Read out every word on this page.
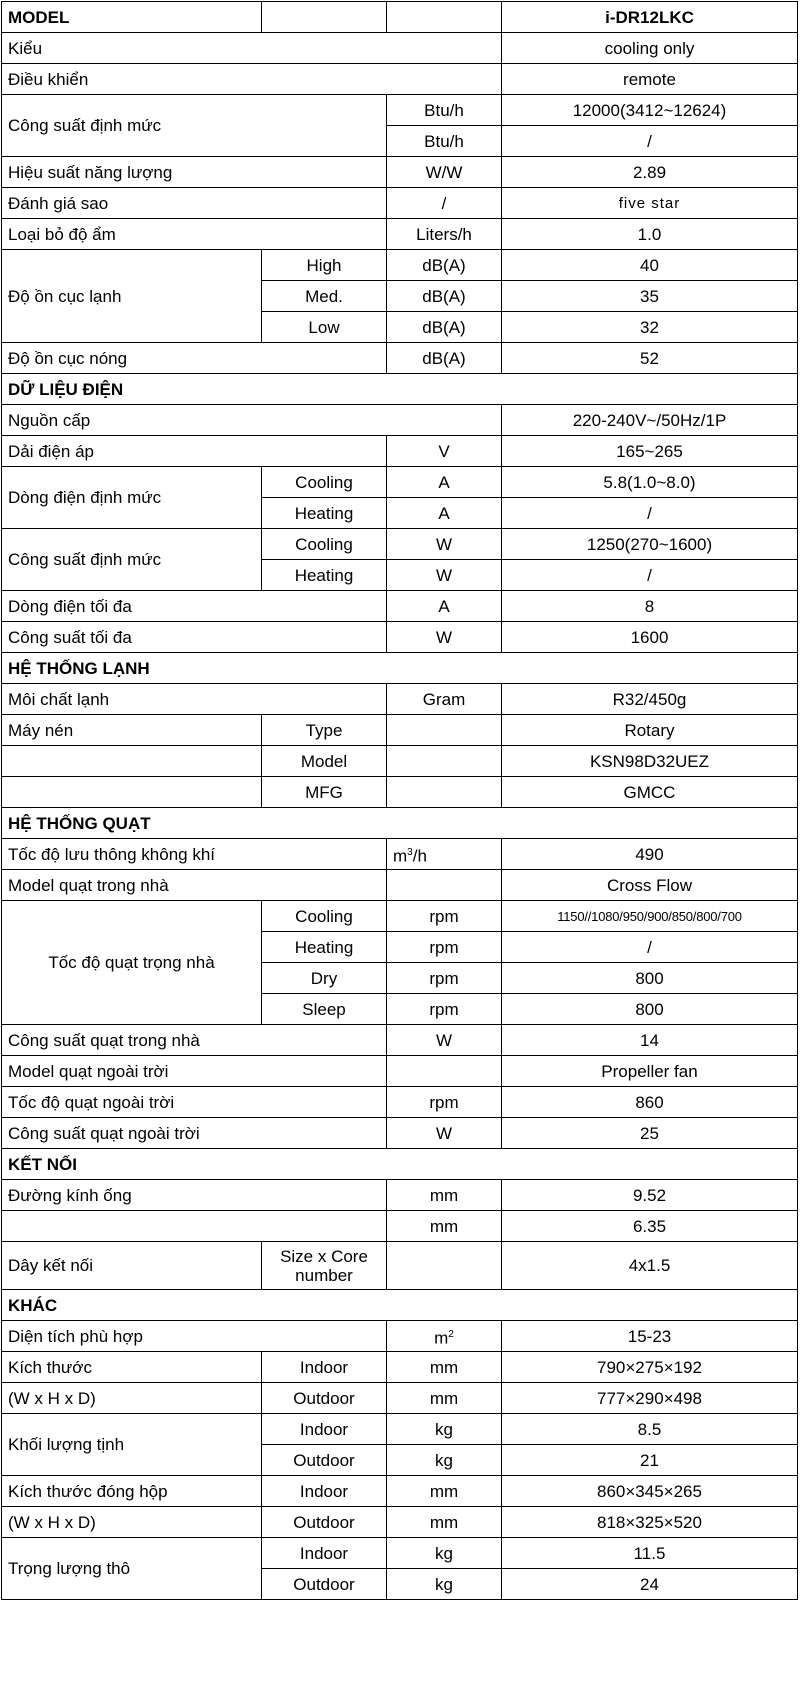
MODEL			i-DR12LKC
Kiểu			cooling only
Điều khiển			remote
Công suất định mức		Btu/h	12000(3412~12624)
		Btu/h	/
Hiệu suất năng lượng		W/W	2.89
Đánh giá sao		/	five star
Loại bỏ độ ẩm		Liters/h	1.0
Độ ồn cục lạnh	High	dB(A)	40
	Med.	dB(A)	35
	Low	dB(A)	32
Độ ồn cục nóng		dB(A)	52
DỮ LIỆU ĐIỆN			
Nguồn cấp			220-240V~/50Hz/1P
Dải điện áp		V	165~265
Dòng điện định mức	Cooling	A	5.8(1.0~8.0)
	Heating	A	/
Công suất định mức	Cooling	W	1250(270~1600)
	Heating	W	/
Dòng điện tối đa		A	8
Công suất tối đa		W	1600
HỆ THỐNG LẠNH			
Môi chất lạnh		Gram	R32/450g
Máy nén	Type		Rotary
	Model		KSN98D32UEZ
	MFG		GMCC
HỆ THỐNG QUẠT			
Tốc độ lưu thông không khí		$m^3/h$	490
Model quạt trong nhà			Cross Flow
Tốc độ quạt trọng nhà	Cooling	rpm	1150//1080/950/900/850/800/700
	Heating	rpm	/
	Dry	rpm	800
	Sleep	rpm	800
Công suất quạt trong nhà		W	14
Model quạt ngoài trời			Propeller fan
Tốc độ quạt ngoài trời		rpm	860
Công suất quạt ngoài trời		W	25
KẾT NỐI			
Đường kính ống		mm	9.52
		mm	6.35
Dây kết nối	Size x Core number		4x1.5
KHÁC			
Diện tích phù hợp		$m^2$	15-23
Kích thước	Indoor	mm	790×275×192
(W x H x D)	Outdoor	mm	777×290×498
Khối lượng tịnh	Indoor	kg	8.5
	Outdoor	kg	21
Kích thước đóng hộp	Indoor	mm	860×345×265
(W x H x D)	Outdoor	mm	818×325×520
Trọng lượng thô	Indoor	kg	11.5
	Outdoor	kg	24
